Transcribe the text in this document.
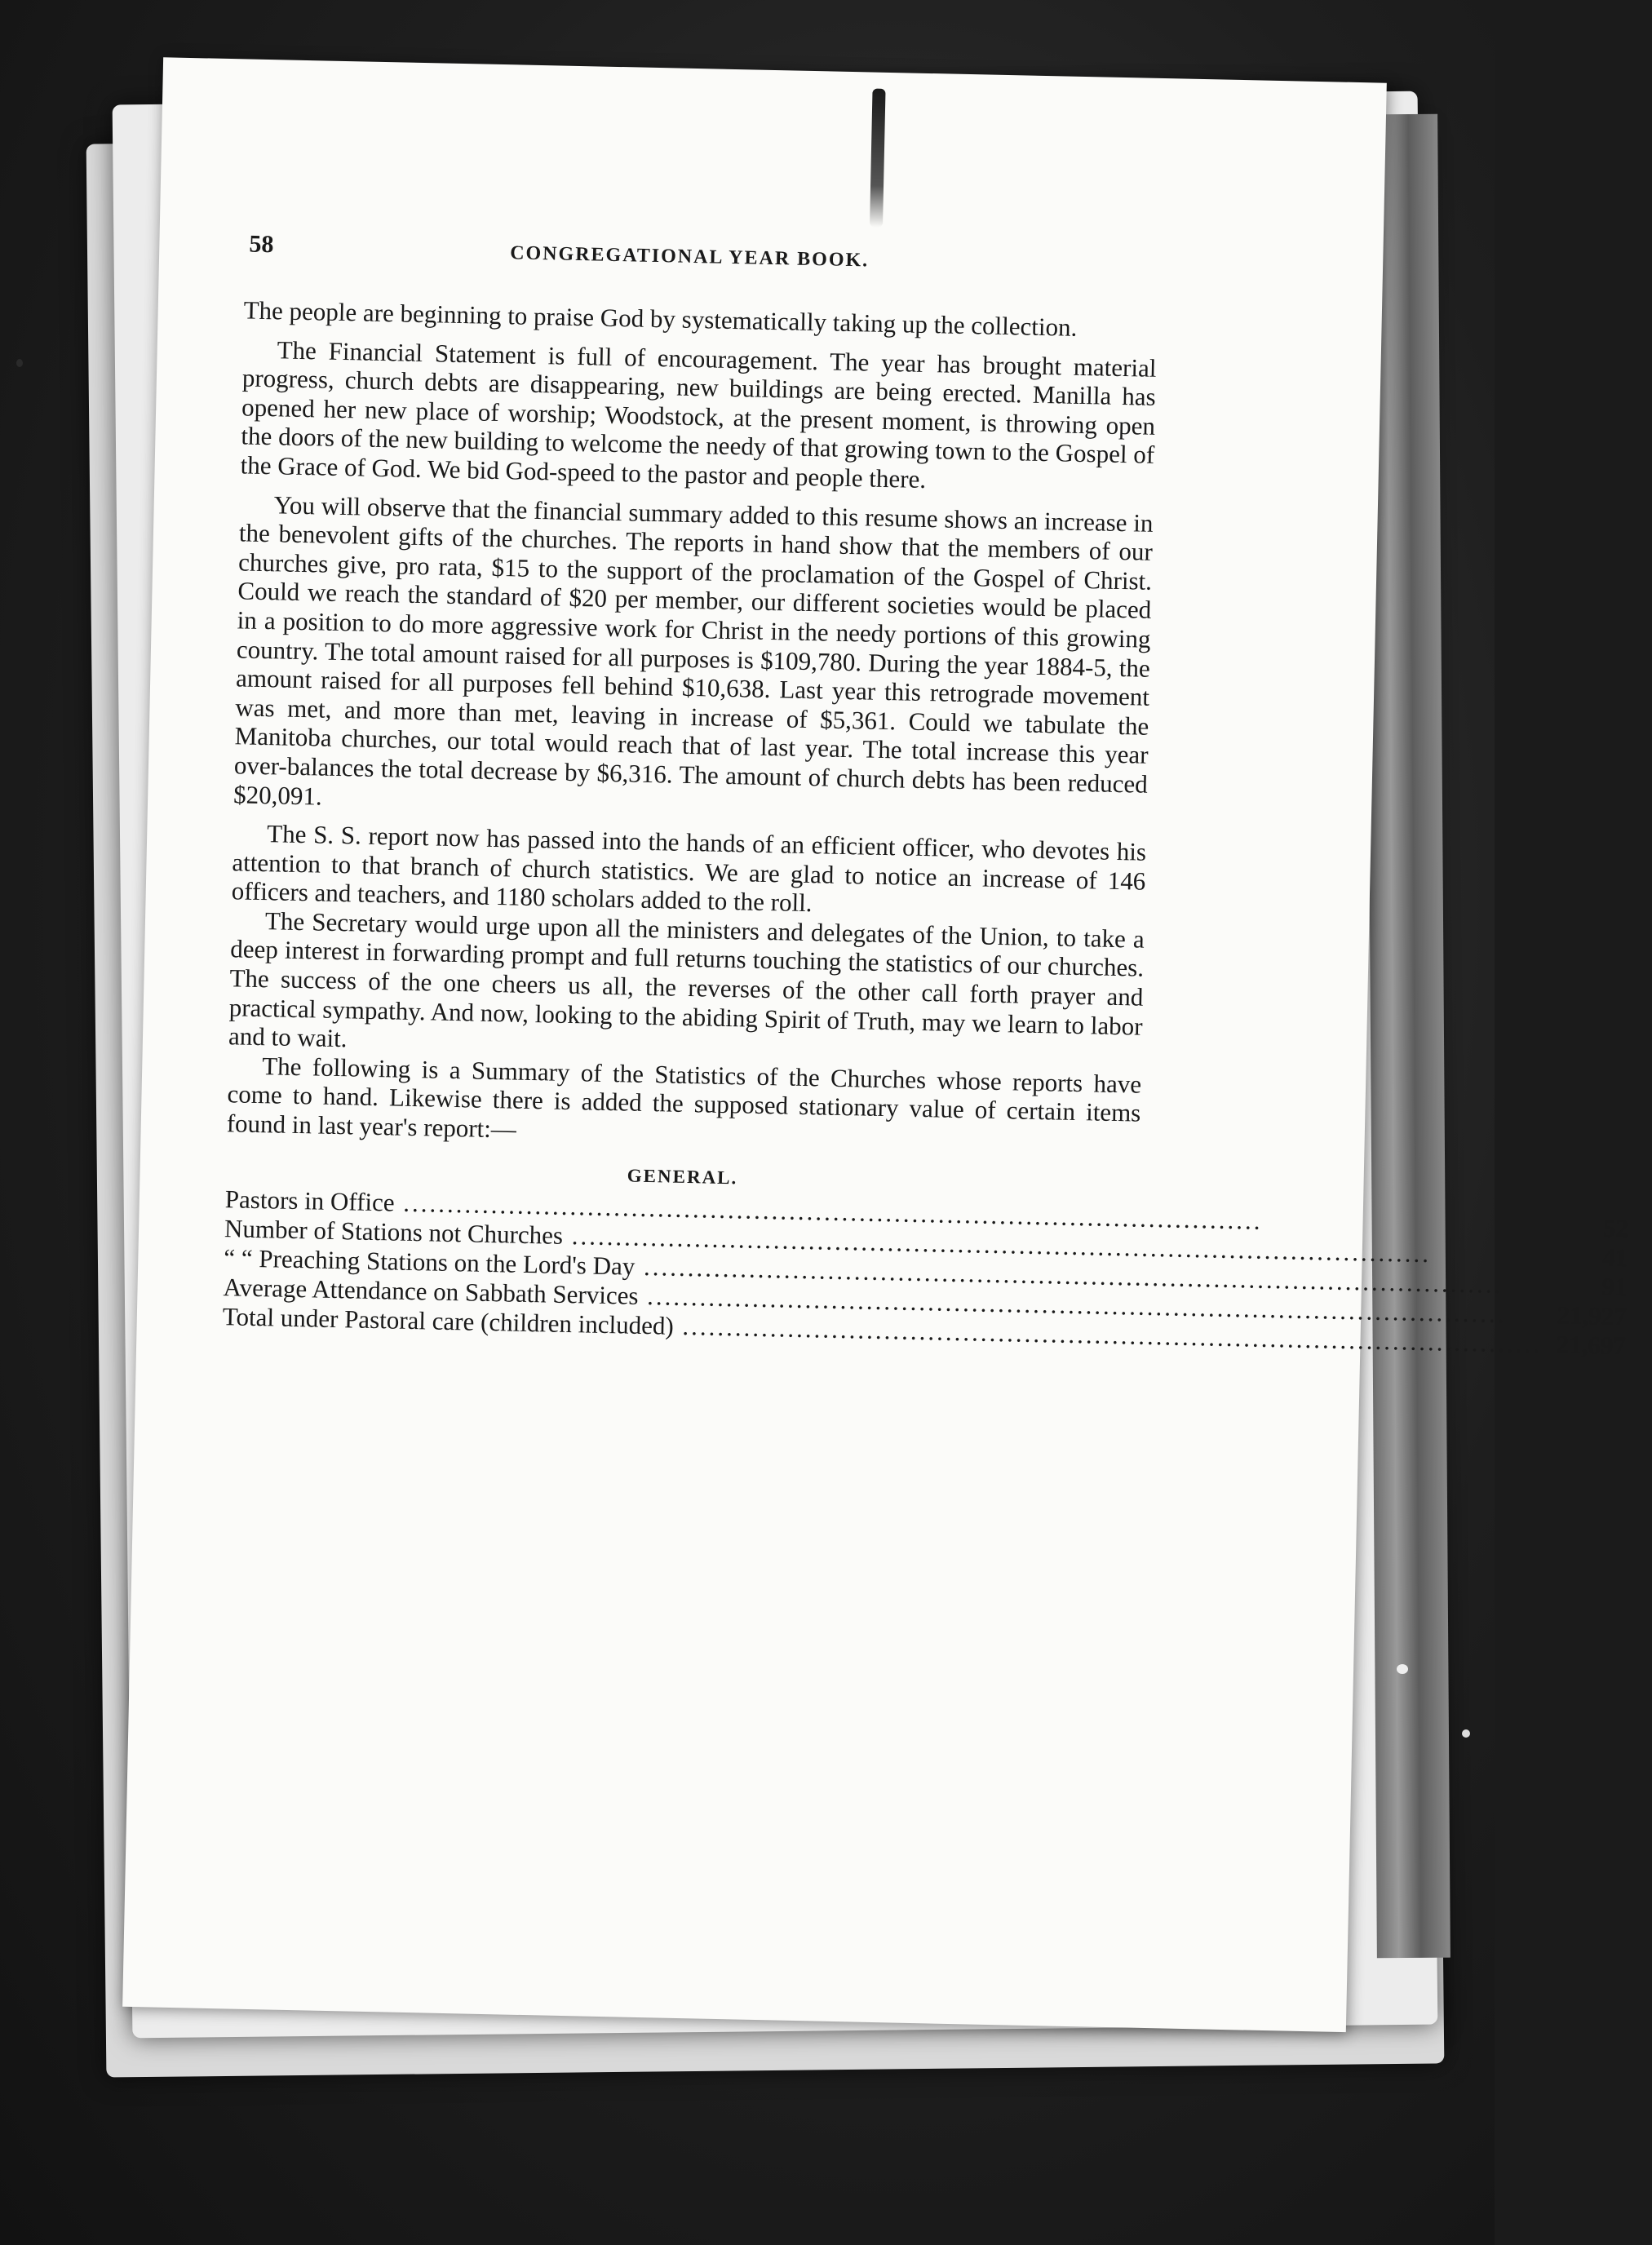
58	CONGREGATIONAL YEAR BOOK.

The people are beginning to praise God by systematically taking up the collection.

The Financial Statement is full of encouragement. The year has brought material progress, church debts are disappearing, new buildings are being erected. Manilla has opened her new place of worship; Woodstock, at the present moment, is throwing open the doors of the new building to welcome the needy of that growing town to the Gospel of the Grace of God. We bid God-speed to the pastor and people there.

You will observe that the financial summary added to this resume shows an increase in the benevolent gifts of the churches. The reports in hand show that the members of our churches give, pro rata, $15 to the support of the proclamation of the Gospel of Christ. Could we reach the standard of $20 per member, our different societies would be placed in a position to do more aggressive work for Christ in the needy portions of this growing country. The total amount raised for all purposes is $109,780. During the year 1884-5, the amount raised for all purposes fell behind $10,638. Last year this retrograde movement was met, and more than met, leaving in increase of $5,361. Could we tabulate the Manitoba churches, our total would reach that of last year. The total increase this year over-balances the total decrease by $6,316. The amount of church debts has been reduced $20,091.

The S. S. report now has passed into the hands of an efficient officer, who devotes his attention to that branch of church statistics. We are glad to notice an increase of 146 officers and teachers, and 1180 scholars added to the roll.

The Secretary would urge upon all the ministers and delegates of the Union, to take a deep interest in forwarding prompt and full returns touching the statistics of our churches. The success of the one cheers us all, the reverses of the other call forth prayer and practical sympathy. And now, looking to the abiding Spirit of Truth, may we learn to labor and to wait.

The following is a Summary of the Statistics of the Churches whose reports have come to hand. Likewise there is added the supposed stationary value of certain items found in last year's report:—

GENERAL.
Pastors in Office .....	52
Number of Stations not Churches .....	41
“ “ Preaching Stations on the Lord's Day .....	91
Average Attendance on Sabbath Services .....	21,927
Total under Pastoral care (children included) .....	21,697
